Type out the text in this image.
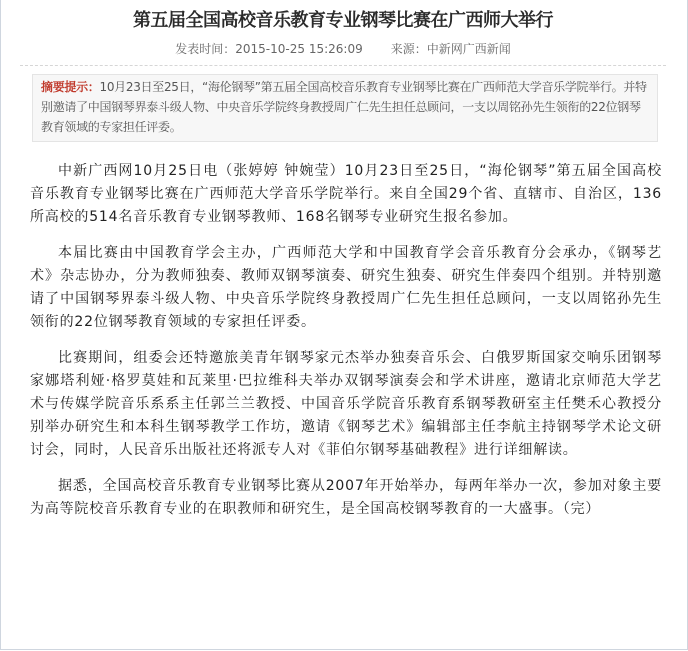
第五届全国高校音乐教育专业钢琴比赛在广西师大举行
发表时间：2015-10-25 15:26:09 来源：中新网广西新闻
摘要提示：10月23日至25日，“海伦钢琴”第五届全国高校音乐教育专业钢琴比赛在广西师范大学音乐学院举行。并特别邀请了中国钢琴界泰斗级人物、中央音乐学院终身教授周广仁先生担任总顾问，一支以周铭孙先生领衔的22位钢琴教育领域的专家担任评委。

中新广西网10月25日电（张婷婷 钟婉莹）10月23日至25日，“海伦钢琴”第五届全国高校音乐教育专业钢琴比赛在广西师范大学音乐学院举行。来自全国29个省、直辖市、自治区，136所高校的514名音乐教育专业钢琴教师、168名钢琴专业研究生报名参加。

本届比赛由中国教育学会主办，广西师范大学和中国教育学会音乐教育分会承办，《钢琴艺术》杂志协办，分为教师独奏、教师双钢琴演奏、研究生独奏、研究生伴奏四个组别。并特别邀请了中国钢琴界泰斗级人物、中央音乐学院终身教授周广仁先生担任总顾问，一支以周铭孙先生领衔的22位钢琴教育领域的专家担任评委。

比赛期间，组委会还特邀旅美青年钢琴家元杰举办独奏音乐会、白俄罗斯国家交响乐团钢琴家娜塔利娅·格罗莫娃和瓦莱里·巴拉维科夫举办双钢琴演奏会和学术讲座，邀请北京师范大学艺术与传媒学院音乐系系主任郭兰兰教授、中国音乐学院音乐教育系钢琴教研室主任樊禾心教授分别举办研究生和本科生钢琴教学工作坊，邀请《钢琴艺术》编辑部主任李航主持钢琴学术论文研讨会，同时，人民音乐出版社还将派专人对《菲伯尔钢琴基础教程》进行详细解读。

据悉，全国高校音乐教育专业钢琴比赛从2007年开始举办，每两年举办一次，参加对象主要为高等院校音乐教育专业的在职教师和研究生，是全国高校钢琴教育的一大盛事。（完）
